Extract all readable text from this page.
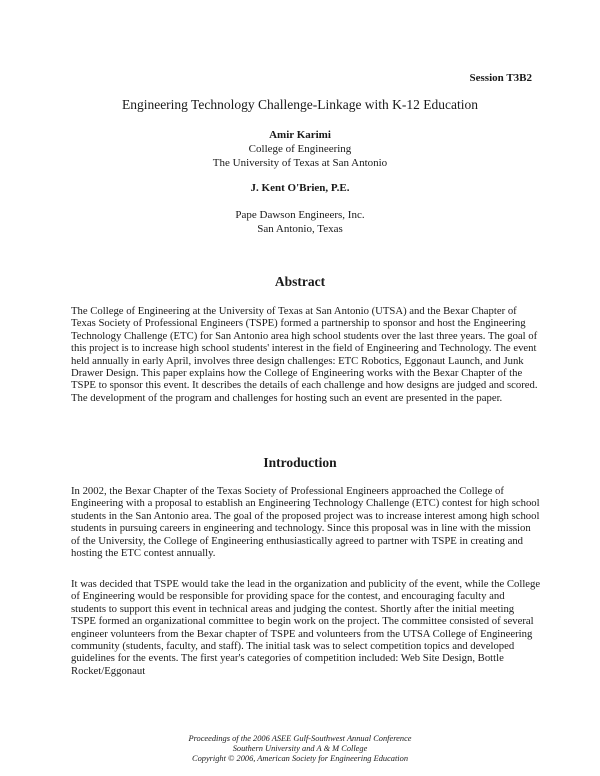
Session T3B2
Engineering Technology Challenge-Linkage with K-12 Education
Amir Karimi
College of Engineering
The University of Texas at San Antonio
J. Kent O'Brien, P.E.
Pape Dawson Engineers, Inc.
San Antonio, Texas
Abstract

The College of Engineering at the University of Texas at San Antonio (UTSA) and the Bexar Chapter of Texas Society of Professional Engineers (TSPE) formed a partnership to sponsor and host the Engineering Technology Challenge (ETC) for San Antonio area high school students over the last three years. The goal of this project is to increase high school students' interest in the field of Engineering and Technology. The event held annually in early April, involves three design challenges: ETC Robotics, Eggonaut Launch, and Junk Drawer Design. This paper explains how the College of Engineering works with the Bexar Chapter of the TSPE to sponsor this event. It describes the details of each challenge and how designs are judged and scored. The development of the program and challenges for hosting such an event are presented in the paper.

Introduction

In 2002, the Bexar Chapter of the Texas Society of Professional Engineers approached the College of Engineering with a proposal to establish an Engineering Technology Challenge (ETC) contest for high school students in the San Antonio area. The goal of the proposed project was to increase interest among high school students in pursuing careers in engineering and technology. Since this proposal was in line with the mission of the University, the College of Engineering enthusiastically agreed to partner with TSPE in creating and hosting the ETC contest annually.

It was decided that TSPE would take the lead in the organization and publicity of the event, while the College of Engineering would be responsible for providing space for the contest, and encouraging faculty and students to support this event in technical areas and judging the contest. Shortly after the initial meeting TSPE formed an organizational committee to begin work on the project. The committee consisted of several engineer volunteers from the Bexar chapter of TSPE and volunteers from the UTSA College of Engineering community (students, faculty, and staff). The initial task was to select competition topics and developed guidelines for the events. The first year's categories of competition included: Web Site Design, Bottle Rocket/Eggonaut

Proceedings of the 2006 ASEE Gulf-Southwest Annual Conference
Southern University and A & M College
Copyright © 2006, American Society for Engineering Education
